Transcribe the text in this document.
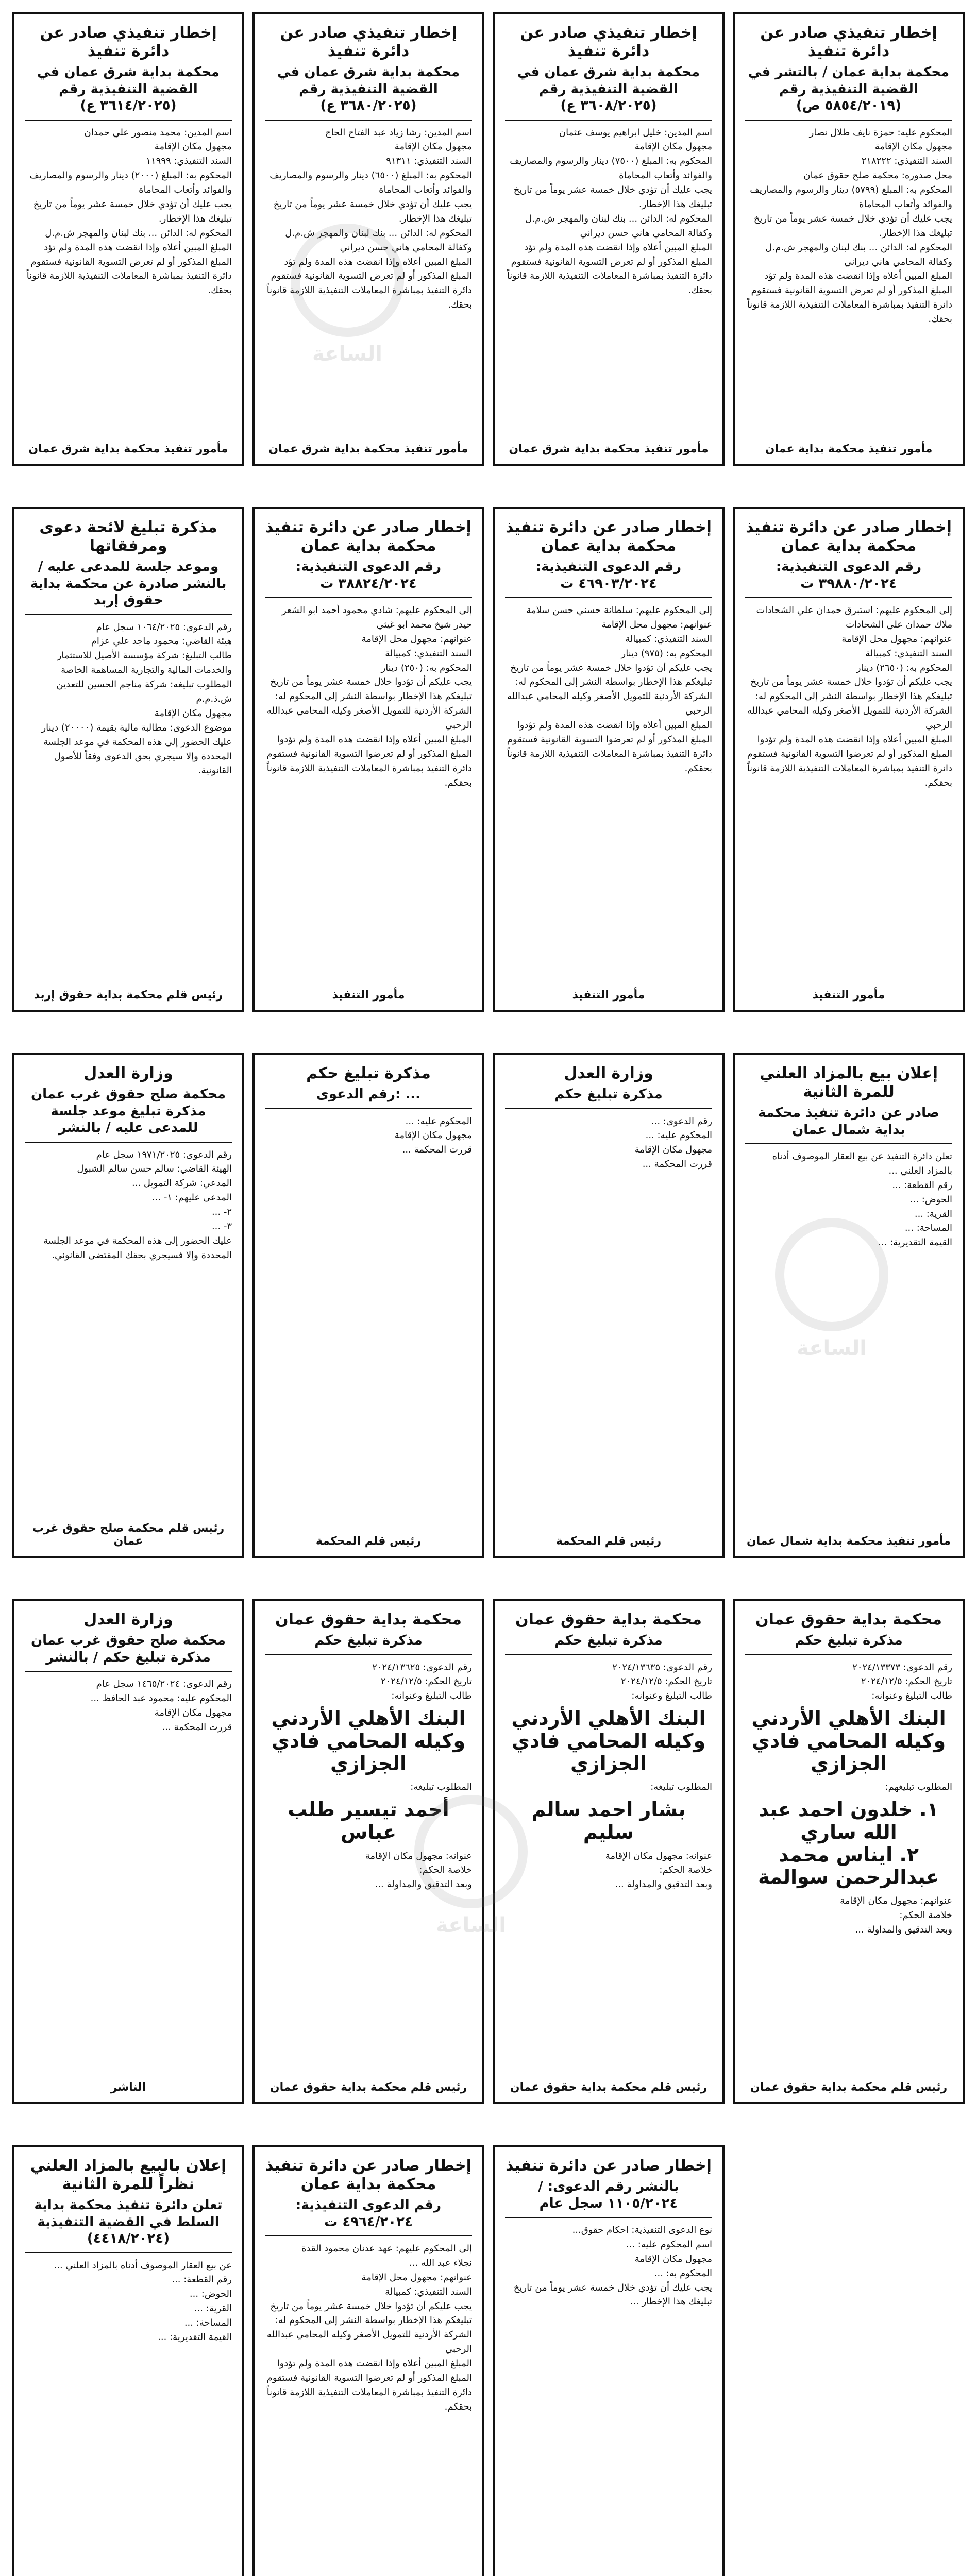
إخطار تنفيذي صادر عن دائرة تنفيذ
محكمة بداية شرق عمان في القضية التنفيذية رقم (٣٦١٤/٢٠٢٥ ع)
اسم المدين: محمد منصور علي حمدان
مجهول مكان الإقامة
السند التنفيذي: ١١٩٩٩
المحكوم به: المبلغ (٢٠٠٠) دينار والرسوم والمصاريف والفوائد وأتعاب المحاماة
يجب عليك أن تؤدي خلال خمسة عشر يوماً من تاريخ تبليغك هذا الإخطار.
المحكوم له: الدائن ... بنك لبنان والمهجر ش.م.ل
المبلغ المبين أعلاه وإذا انقضت هذه المدة ولم تؤد المبلغ المذكور أو لم تعرض التسوية القانونية فستقوم دائرة التنفيذ بمباشرة المعاملات التنفيذية اللازمة قانوناً بحقك.
مأمور تنفيذ محكمة بداية شرق عمان
إخطار تنفيذي صادر عن دائرة تنفيذ
محكمة بداية شرق عمان في القضية التنفيذية رقم (٣٦٨٠/٢٠٢٥ ع)
اسم المدين: رشا زياد عبد الفتاح الحاج
مجهول مكان الإقامة
السند التنفيذي: ٩١٣١١
المحكوم به: المبلغ (٦٥٠٠) دينار والرسوم والمصاريف والفوائد وأتعاب المحاماة
يجب عليك أن تؤدي خلال خمسة عشر يوماً من تاريخ تبليغك هذا الإخطار.
المحكوم له: الدائن ... بنك لبنان والمهجر ش.م.ل وكفالة المحامي هاني حسن ديراني
المبلغ المبين أعلاه وإذا انقضت هذه المدة ولم تؤد المبلغ المذكور أو لم تعرض التسوية القانونية فستقوم دائرة التنفيذ بمباشرة المعاملات التنفيذية اللازمة قانوناً بحقك.
مأمور تنفيذ محكمة بداية شرق عمان
إخطار تنفيذي صادر عن دائرة تنفيذ
محكمة بداية شرق عمان في القضية التنفيذية رقم (٣٦٠٨/٢٠٢٥ ع)
اسم المدين: خليل ابراهيم يوسف عثمان
مجهول مكان الإقامة
المحكوم به: المبلغ (٧٥٠٠) دينار والرسوم والمصاريف والفوائد وأتعاب المحاماة
يجب عليك أن تؤدي خلال خمسة عشر يوماً من تاريخ تبليغك هذا الإخطار.
المحكوم له: الدائن ... بنك لبنان والمهجر ش.م.ل وكفالة المحامي هاني حسن ديراني
المبلغ المبين أعلاه وإذا انقضت هذه المدة ولم تؤد المبلغ المذكور أو لم تعرض التسوية القانونية فستقوم دائرة التنفيذ بمباشرة المعاملات التنفيذية اللازمة قانوناً بحقك.
مأمور تنفيذ محكمة بداية شرق عمان
إخطار تنفيذي صادر عن دائرة تنفيذ
محكمة بداية عمان / بالتشر في القضية التنفيذية رقم (٥٨٥٤/٢٠١٩ ص)
المحكوم عليه: حمزة نايف طلال نصار
مجهول مكان الإقامة
السند التنفيذي: ٢١٨٢٢٢
محل صدوره: محكمة صلح حقوق عمان
المحكوم به: المبلغ (٥٧٩٩) دينار والرسوم والمصاريف والفوائد وأتعاب المحاماة
يجب عليك أن تؤدي خلال خمسة عشر يوماً من تاريخ تبليغك هذا الإخطار.
المحكوم له: الدائن ... بنك لبنان والمهجر ش.م.ل وكفالة المحامي هاني ديراني
المبلغ المبين أعلاه وإذا انقضت هذه المدة ولم تؤد المبلغ المذكور أو لم تعرض التسوية القانونية فستقوم دائرة التنفيذ بمباشرة المعاملات التنفيذية اللازمة قانوناً بحقك.
مأمور تنفيذ محكمة بداية عمان
مذكرة تبليغ لائحة دعوى ومرفقاتها
وموعد جلسة للمدعى عليه / بالنشر صادرة عن محكمة بداية حقوق إربد
رقم الدعوى: ١٠٦٤/٢٠٢٥ سجل عام
هيئة القاضي: محمود ماجد علي عزام
طالب التبليغ: شركة مؤسسة الأصيل للاستثمار والخدمات المالية والتجارية المساهمة الخاصة
المطلوب تبليغه: شركة مناجم الحسين للتعدين ش.ذ.م.م
مجهول مكان الإقامة
موضوع الدعوى: مطالبة مالية بقيمة (٢٠٠٠٠) دينار
عليك الحضور إلى هذه المحكمة في موعد الجلسة المحددة وإلا سيجري بحق الدعوى وفقاً للأصول القانونية.
رئيس قلم محكمة بداية حقوق إربد
إخطار صادر عن دائرة تنفيذ محكمة بداية عمان
رقم الدعوى التنفيذية: ٣٨٨٢٤/٢٠٢٤ ت
إلى المحكوم عليهم: شادي محمود أحمد ابو الشعر
حيدر شيخ محمد ابو غيثي
عنوانهم: مجهول محل الإقامة
السند التنفيذي: كمبيالة
المحكوم به: (٢٥٠) دينار
يجب عليكم أن تؤدوا خلال خمسة عشر يوماً من تاريخ تبليغكم هذا الإخطار بواسطة النشر إلى المحكوم له: الشركة الأردنية للتمويل الأصغر وكيله المحامي عبدالله الرحبي
المبلغ المبين أعلاه وإذا انقضت هذه المدة ولم تؤدوا المبلغ المذكور أو لم تعرضوا التسوية القانونية فستقوم دائرة التنفيذ بمباشرة المعاملات التنفيذية اللازمة قانوناً بحقكم.
مأمور التنفيذ
إخطار صادر عن دائرة تنفيذ محكمة بداية عمان
رقم الدعوى التنفيذية: ٤٦٩٠٣/٢٠٢٤ ت
إلى المحكوم عليهم: سلطانة حسني حسن سلامة
عنوانهم: مجهول محل الإقامة
السند التنفيذي: كمبيالة
المحكوم به: (٩٧٥) دينار
يجب عليكم أن تؤدوا خلال خمسة عشر يوماً من تاريخ تبليغكم هذا الإخطار بواسطة النشر إلى المحكوم له: الشركة الأردنية للتمويل الأصغر وكيله المحامي عبدالله الرحبي
المبلغ المبين أعلاه وإذا انقضت هذه المدة ولم تؤدوا المبلغ المذكور أو لم تعرضوا التسوية القانونية فستقوم دائرة التنفيذ بمباشرة المعاملات التنفيذية اللازمة قانوناً بحقكم.
مأمور التنفيذ
إخطار صادر عن دائرة تنفيذ محكمة بداية عمان
رقم الدعوى التنفيذية: ٣٩٨٨٠/٢٠٢٤ ت
إلى المحكوم عليهم: استبرق حمدان علي الشحادات
ملاك حمدان علي الشحادات
عنوانهم: مجهول محل الإقامة
السند التنفيذي: كمبيالة
المحكوم به: (٢٦٥٠) دينار
يجب عليكم أن تؤدوا خلال خمسة عشر يوماً من تاريخ تبليغكم هذا الإخطار بواسطة النشر إلى المحكوم له: الشركة الأردنية للتمويل الأصغر وكيله المحامي عبدالله الرحبي
المبلغ المبين أعلاه وإذا انقضت هذه المدة ولم تؤدوا المبلغ المذكور أو لم تعرضوا التسوية القانونية فستقوم دائرة التنفيذ بمباشرة المعاملات التنفيذية اللازمة قانوناً بحقكم.
مأمور التنفيذ
وزارة العدل
محكمة صلح حقوق غرب عمان مذكرة تبليغ موعد جلسة للمدعى عليه / بالنشر
رقم الدعوى: ١٩٧١/٢٠٢٥ سجل عام
الهيئة القاضي: سالم حسن سالم الشبول
المدعي: شركة التمويل ...
المدعى عليهم: ١- ...
٢- ...
٣- ...
عليك الحضور إلى هذه المحكمة في موعد الجلسة المحددة وإلا فسيجري بحقك المقتضى القانوني.
رئيس قلم محكمة صلح حقوق غرب عمان
مذكرة تبليغ حكم
رقم الدعوى: ...
المحكوم عليه: ...
مجهول مكان الإقامة
قررت المحكمة ...
رئيس قلم المحكمة
وزارة العدل
مذكرة تبليغ حكم
رقم الدعوى: ...
المحكوم عليه: ...
مجهول مكان الإقامة
قررت المحكمة ...
رئيس قلم المحكمة
إعلان بيع بالمزاد العلني للمرة الثانية
صادر عن دائرة تنفيذ محكمة بداية شمال عمان
تعلن دائرة التنفيذ عن بيع العقار الموصوف أدناه بالمزاد العلني ...
رقم القطعة: ...
الحوض: ...
القرية: ...
المساحة: ...
القيمة التقديرية: ...
مأمور تنفيذ محكمة بداية شمال عمان
وزارة العدل
محكمة صلح حقوق غرب عمان مذكرة تبليغ حكم / بالنشر
رقم الدعوى: ١٤٦٥/٢٠٢٤ سجل عام
المحكوم عليه: محمود عبد الحافظ ...
مجهول مكان الإقامة
قررت المحكمة ...
الناشر
محكمة بداية حقوق عمان
مذكرة تبليغ حكم
رقم الدعوى: ٢٠٢٤/١٣٦٢٥
تاريخ الحكم: ٢٠٢٤/١٢/٥
طالب التبليغ وعنوانه:
البنك الأهلي الأردني وكيله المحامي فادي الجزازي
المطلوب تبليغه:
أحمد تيسير طلب عباس
عنوانه: مجهول مكان الإقامة
خلاصة الحكم:
وبعد التدقيق والمداولة ...
رئيس قلم محكمة بداية حقوق عمان
محكمة بداية حقوق عمان
مذكرة تبليغ حكم
رقم الدعوى: ٢٠٢٤/١٣٦٣٥
تاريخ الحكم: ٢٠٢٤/١٢/٥
طالب التبليغ وعنوانه:
البنك الأهلي الأردني وكيله المحامي فادي الجزازي
المطلوب تبليغه:
بشار احمد سالم سليم
عنوانه: مجهول مكان الإقامة
خلاصة الحكم:
وبعد التدقيق والمداولة ...
رئيس قلم محكمة بداية حقوق عمان
محكمة بداية حقوق عمان
مذكرة تبليغ حكم
رقم الدعوى: ٢٠٢٤/١٣٣٧٣
تاريخ الحكم: ٢٠٢٤/١٢/٥
طالب التبليغ وعنوانه:
البنك الأهلي الأردني وكيله المحامي فادي الجزازي
المطلوب تبليغهم:
١. خلدون احمد عبد الله ساري
٢. ايناس محمد عبدالرحمن سوالمة
عنوانهم: مجهول مكان الإقامة
خلاصة الحكم:
وبعد التدقيق والمداولة ...
رئيس قلم محكمة بداية حقوق عمان
إعلان بالبيع بالمزاد العلني نظراً للمرة الثانية
تعلن دائرة تنفيذ محكمة بداية السلط في القضية التنفيذية (٤٤١٨/٢٠٢٤)
عن بيع العقار الموصوف أدناه بالمزاد العلني ...
رقم القطعة: ...
الحوض: ...
القرية: ...
المساحة: ...
القيمة التقديرية: ...
إخطار صادر عن دائرة تنفيذ محكمة بداية عمان
رقم الدعوى التنفيذية: ٤٩٦٤/٢٠٢٤ ت
إلى المحكوم عليهم: عهد عدنان محمود القدة
نجلاء عبد الله ...
عنوانهم: مجهول محل الإقامة
السند التنفيذي: كمبيالة
يجب عليكم أن تؤدوا خلال خمسة عشر يوماً من تاريخ تبليغكم هذا الإخطار بواسطة النشر إلى المحكوم له: الشركة الأردنية للتمويل الأصغر وكيله المحامي عبدالله الرحبي
المبلغ المبين أعلاه وإذا انقضت هذه المدة ولم تؤدوا المبلغ المذكور أو لم تعرضوا التسوية القانونية فستقوم دائرة التنفيذ بمباشرة المعاملات التنفيذية اللازمة قانوناً بحقكم.
إخطار صادر عن دائرة تنفيذ
/ بالنشر رقم الدعوى: ١١٠٥/٢٠٢٤ سجل عام
نوع الدعوى التنفيذية: احكام حقوق...
اسم المحكوم عليه: ...
مجهول مكان الإقامة
المحكوم به: ...
يجب عليك أن تؤدي خلال خمسة عشر يوماً من تاريخ تبليغك هذا الإخطار ...
